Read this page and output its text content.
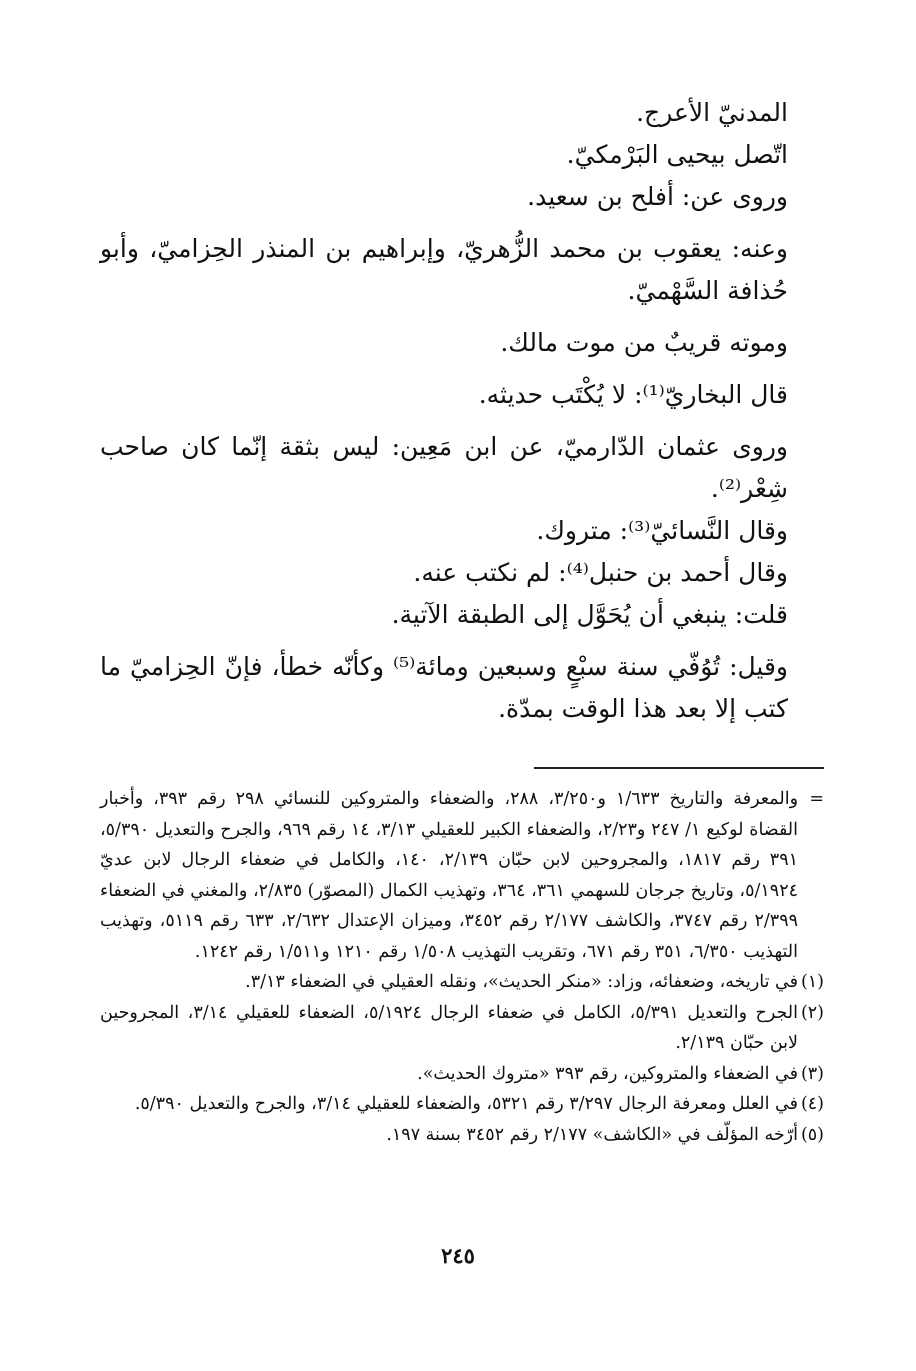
المدنيّ الأعرج.

اتّصل بيحيى البَرْمكيّ.

وروى عن: أفلح بن سعيد.

وعنه: يعقوب بن محمد الزُّهريّ، وإبراهيم بن المنذر الحِزاميّ، وأبو حُذافة السَّهْميّ.

وموته قريبٌ من موت مالك.

قال البخاريّ⁽¹⁾: لا يُكْتَب حديثه.

وروى عثمان الدّارميّ، عن ابن مَعِين: ليس بثقة إنّما كان صاحب شِعْر⁽²⁾.

وقال النَّسائيّ⁽³⁾: متروك.

وقال أحمد بن حنبل⁽⁴⁾: لم نكتب عنه.

قلت: ينبغي أن يُحَوَّل إلى الطبقة الآتية.

وقيل: تُوُفّي سنة سبْعٍ وسبعين ومائة⁽⁵⁾ وكأنّه خطأ، فإنّ الحِزاميّ ما كتب إلا بعد هذا الوقت بمدّة.

=
والمعرفة والتاريخ ١/٦٣٣ و٣/٢٥٠، ٢٨٨، والضعفاء والمتروكين للنسائي ٢٩٨ رقم ٣٩٣، وأخبار القضاة لوكيع ١/ ٢٤٧ و٢/٢٣، والضعفاء الكبير للعقيلي ٣/١٣، ١٤ رقم ٩٦٩، والجرح والتعديل ٥/٣٩٠، ٣٩١ رقم ١٨١٧، والمجروحين لابن حبّان ٢/١٣٩، ١٤٠، والكامل في ضعفاء الرجال لابن عديّ ٥/١٩٢٤، وتاريخ جرجان للسهمي ٣٦١، ٣٦٤، وتهذيب الكمال (المصوّر) ٢/٨٣٥، والمغني في الضعفاء ٢/٣٩٩ رقم ٣٧٤٧، والكاشف ٢/١٧٧ رقم ٣٤٥٢، وميزان الإعتدال ٢/٦٣٢، ٦٣٣ رقم ٥١١٩، وتهذيب التهذيب ٦/٣٥٠، ٣٥١ رقم ٦٧١، وتقريب التهذيب ١/٥٠٨ رقم ١٢١٠ و١/٥١١ رقم ١٢٤٢.
(١)
في تاريخه، وضعفائه، وزاد: «منكر الحديث»، ونقله العقيلي في الضعفاء ٣/١٣.
(٢)
الجرح والتعديل ٥/٣٩١، الكامل في ضعفاء الرجال ٥/١٩٢٤، الضعفاء للعقيلي ٣/١٤، المجروحين لابن حبّان ٢/١٣٩.
(٣)
في الضعفاء والمتروكين، رقم ٣٩٣ «متروك الحديث».
(٤)
في العلل ومعرفة الرجال ٣/٢٩٧ رقم ٥٣٢١، والضعفاء للعقيلي ٣/١٤، والجرح والتعديل ٥/٣٩٠.
(٥)
أرّخه المؤلّف في «الكاشف» ٢/١٧٧ رقم ٣٤٥٢ بسنة ١٩٧.
٢٤٥
